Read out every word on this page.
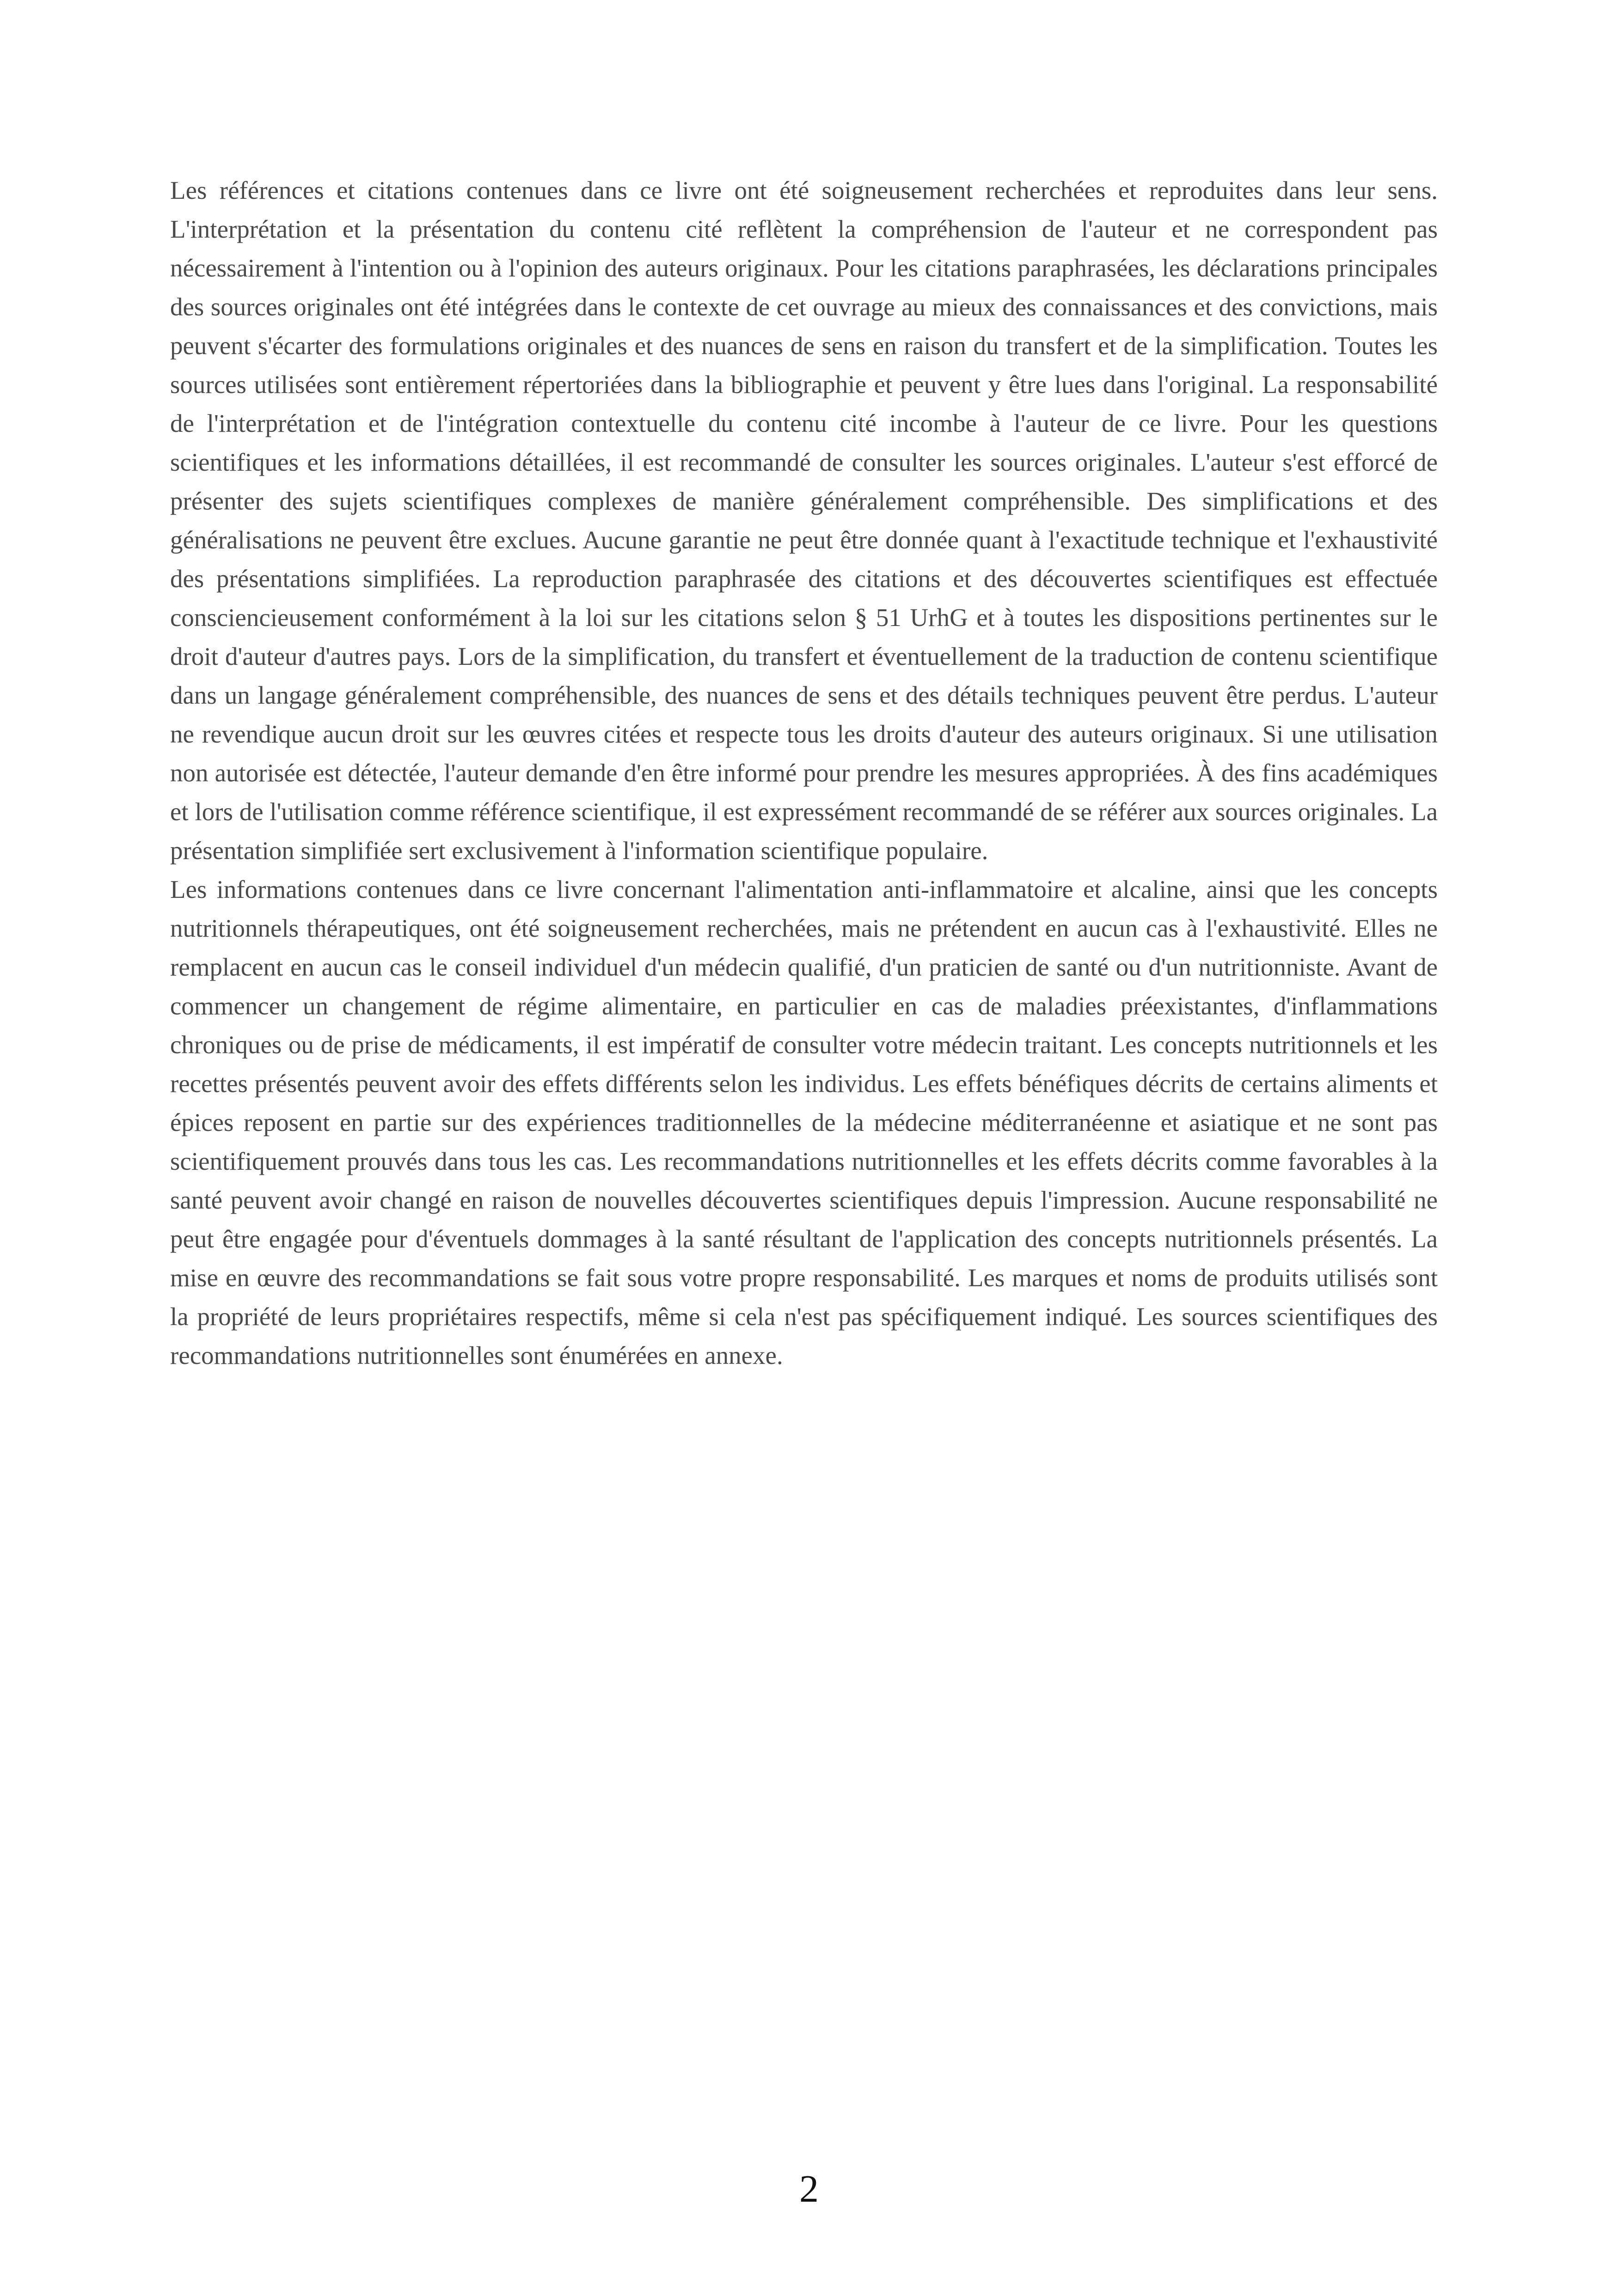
Les références et citations contenues dans ce livre ont été soigneusement recherchées et reproduites dans leur sens. L'interprétation et la présentation du contenu cité reflètent la compréhension de l'auteur et ne correspondent pas nécessairement à l'intention ou à l'opinion des auteurs originaux. Pour les citations paraphrasées, les déclarations principales des sources originales ont été intégrées dans le contexte de cet ouvrage au mieux des connaissances et des convictions, mais peuvent s'écarter des formulations originales et des nuances de sens en raison du transfert et de la simplification. Toutes les sources utilisées sont entièrement répertoriées dans la bibliographie et peuvent y être lues dans l'original. La responsabilité de l'interprétation et de l'intégration contextuelle du contenu cité incombe à l'auteur de ce livre. Pour les questions scientifiques et les informations détaillées, il est recommandé de consulter les sources originales. L'auteur s'est efforcé de présenter des sujets scientifiques complexes de manière généralement compréhensible. Des simplifications et des généralisations ne peuvent être exclues. Aucune garantie ne peut être donnée quant à l'exactitude technique et l'exhaustivité des présentations simplifiées. La reproduction paraphrasée des citations et des découvertes scientifiques est effectuée consciencieusement conformément à la loi sur les citations selon § 51 UrhG et à toutes les dispositions pertinentes sur le droit d'auteur d'autres pays. Lors de la simplification, du transfert et éventuellement de la traduction de contenu scientifique dans un langage généralement compréhensible, des nuances de sens et des détails techniques peuvent être perdus. L'auteur ne revendique aucun droit sur les œuvres citées et respecte tous les droits d'auteur des auteurs originaux. Si une utilisation non autorisée est détectée, l'auteur demande d'en être informé pour prendre les mesures appropriées. À des fins académiques et lors de l'utilisation comme référence scientifique, il est expressément recommandé de se référer aux sources originales. La présentation simplifiée sert exclusivement à l'information scientifique populaire.

Les informations contenues dans ce livre concernant l'alimentation anti-inflammatoire et alcaline, ainsi que les concepts nutritionnels thérapeutiques, ont été soigneusement recherchées, mais ne prétendent en aucun cas à l'exhaustivité. Elles ne remplacent en aucun cas le conseil individuel d'un médecin qualifié, d'un praticien de santé ou d'un nutritionniste. Avant de commencer un changement de régime alimentaire, en particulier en cas de maladies préexistantes, d'inflammations chroniques ou de prise de médicaments, il est impératif de consulter votre médecin traitant. Les concepts nutritionnels et les recettes présentés peuvent avoir des effets différents selon les individus. Les effets bénéfiques décrits de certains aliments et épices reposent en partie sur des expériences traditionnelles de la médecine méditerranéenne et asiatique et ne sont pas scientifiquement prouvés dans tous les cas. Les recommandations nutritionnelles et les effets décrits comme favorables à la santé peuvent avoir changé en raison de nouvelles découvertes scientifiques depuis l'impression. Aucune responsabilité ne peut être engagée pour d'éventuels dommages à la santé résultant de l'application des concepts nutritionnels présentés. La mise en œuvre des recommandations se fait sous votre propre responsabilité. Les marques et noms de produits utilisés sont la propriété de leurs propriétaires respectifs, même si cela n'est pas spécifiquement indiqué. Les sources scientifiques des recommandations nutritionnelles sont énumérées en annexe.

2
